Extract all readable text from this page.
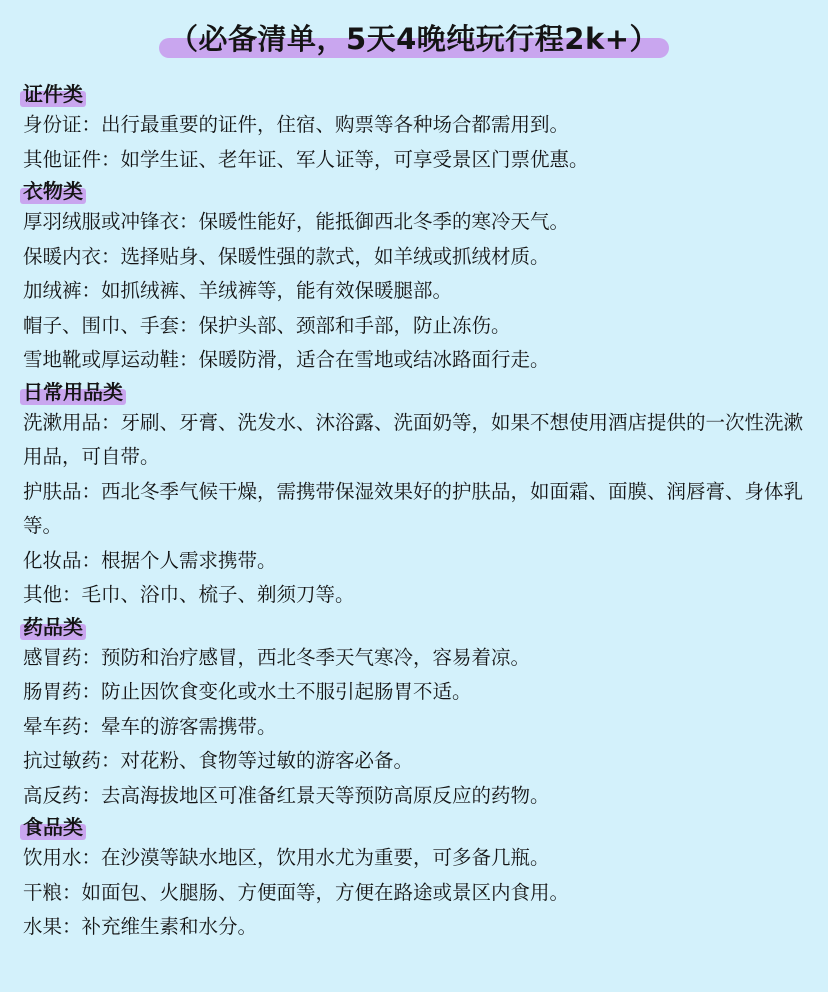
（必备清单，5天4晚纯玩行程2k+）
证件类
身份证：出行最重要的证件，住宿、购票等各种场合都需用到。
其他证件：如学生证、老年证、军人证等，可享受景区门票优惠。
衣物类
厚羽绒服或冲锋衣：保暖性能好，能抵御西北冬季的寒冷天气。
保暖内衣：选择贴身、保暖性强的款式，如羊绒或抓绒材质。
加绒裤：如抓绒裤、羊绒裤等，能有效保暖腿部。
帽子、围巾、手套：保护头部、颈部和手部，防止冻伤。
雪地靴或厚运动鞋：保暖防滑，适合在雪地或结冰路面行走。
日常用品类
洗漱用品：牙刷、牙膏、洗发水、沐浴露、洗面奶等，如果不想使用酒店提供的一次性洗漱用品，可自带。
护肤品：西北冬季气候干燥，需携带保湿效果好的护肤品，如面霜、面膜、润唇膏、身体乳等。
化妆品：根据个人需求携带。
其他：毛巾、浴巾、梳子、剃须刀等。
药品类
感冒药：预防和治疗感冒，西北冬季天气寒冷，容易着凉。
肠胃药：防止因饮食变化或水土不服引起肠胃不适。
晕车药：晕车的游客需携带。
抗过敏药：对花粉、食物等过敏的游客必备。
高反药：去高海拔地区可准备红景天等预防高原反应的药物。
食品类
饮用水：在沙漠等缺水地区，饮用水尤为重要，可多备几瓶。
干粮：如面包、火腿肠、方便面等，方便在路途或景区内食用。
水果：补充维生素和水分。
